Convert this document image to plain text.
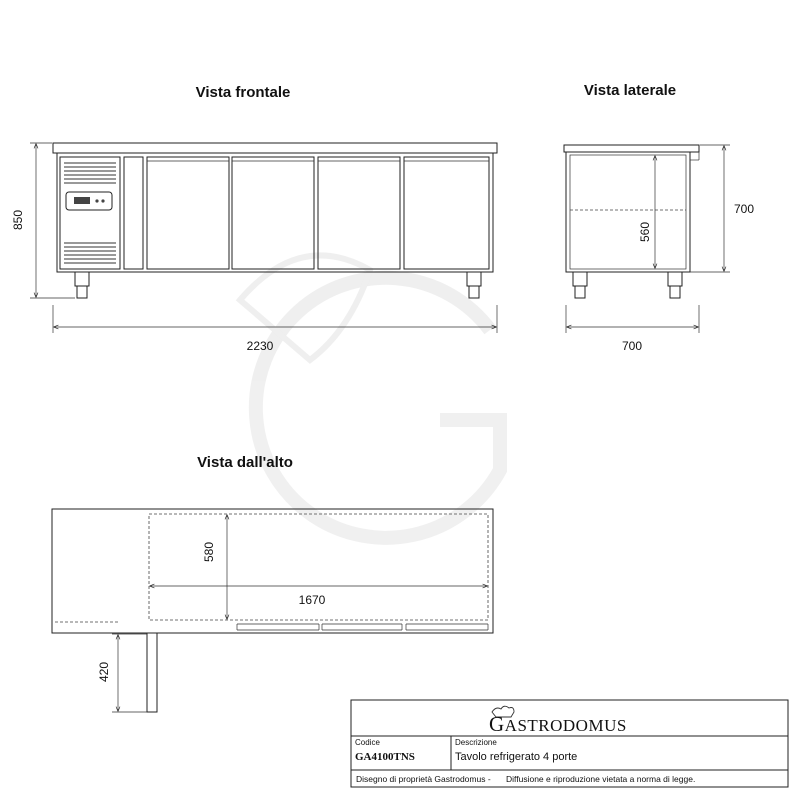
Vista frontale
850
2230
Vista laterale
560
700
700
Vista dall'alto
580
1670
420
GASTRODOMUS
Codice
GA4100TNS
Descrizione
Tavolo refrigerato 4 porte
Disegno di proprietà Gastrodomus - Diffusione e riproduzione vietata a norma di legge.
